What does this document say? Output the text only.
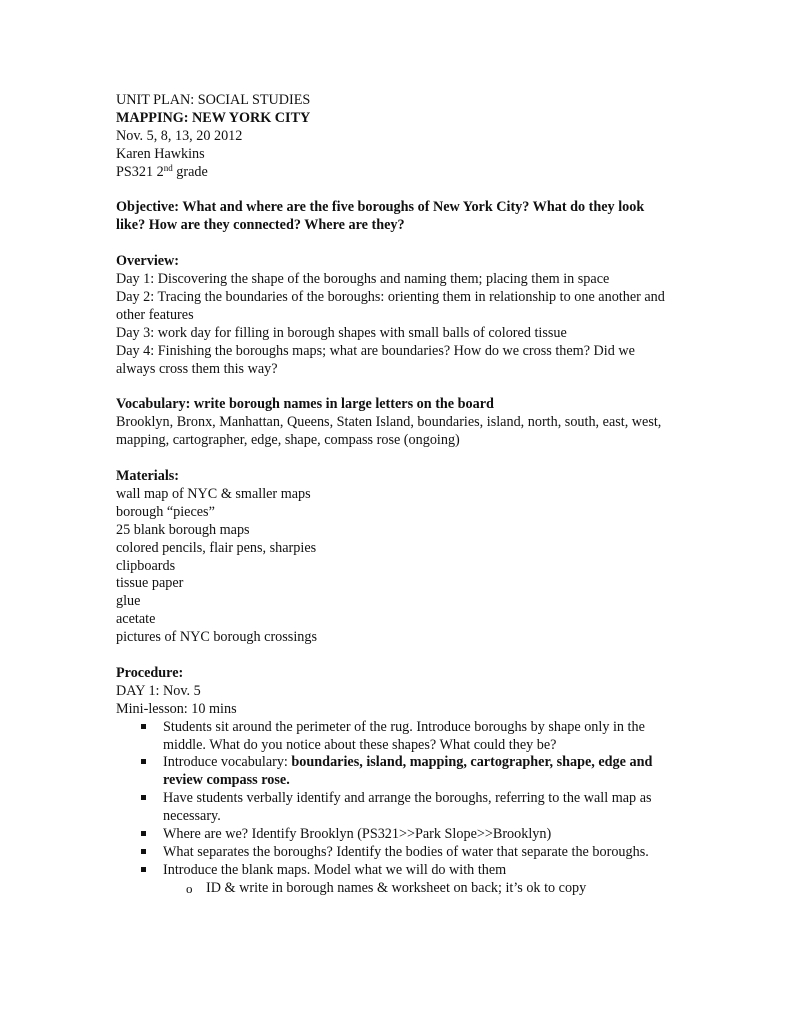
UNIT PLAN: SOCIAL STUDIES
MAPPING: NEW YORK CITY
Nov. 5, 8, 13, 20 2012
Karen Hawkins
PS321 2nd grade
Objective: What and where are the five boroughs of New York City? What do they look like? How are they connected? Where are they?
Overview:
Day 1: Discovering the shape of the boroughs and naming them; placing them in space
Day 2: Tracing the boundaries of the boroughs: orienting them in relationship to one another and other features
Day 3: work day for filling in borough shapes with small balls of colored tissue
Day 4: Finishing the boroughs maps; what are boundaries? How do we cross them? Did we always cross them this way?
Vocabulary: write borough names in large letters on the board
Brooklyn, Bronx, Manhattan, Queens, Staten Island, boundaries, island, north, south, east, west, mapping, cartographer, edge, shape, compass rose (ongoing)
Materials:
wall map of NYC & smaller maps
borough “pieces”
25 blank borough maps
colored pencils, flair pens, sharpies
clipboards
tissue paper
glue
acetate
pictures of NYC borough crossings
Procedure:
DAY 1: Nov. 5
Mini-lesson: 10 mins
Students sit around the perimeter of the rug. Introduce boroughs by shape only in the middle. What do you notice about these shapes? What could they be?
Introduce vocabulary: boundaries, island, mapping, cartographer, shape, edge and review compass rose.
Have students verbally identify and arrange the boroughs, referring to the wall map as necessary.
Where are we? Identify Brooklyn (PS321>>Park Slope>>Brooklyn)
What separates the boroughs? Identify the bodies of water that separate the boroughs.
Introduce the blank maps. Model what we will do with them
o ID & write in borough names & worksheet on back; it’s ok to copy
